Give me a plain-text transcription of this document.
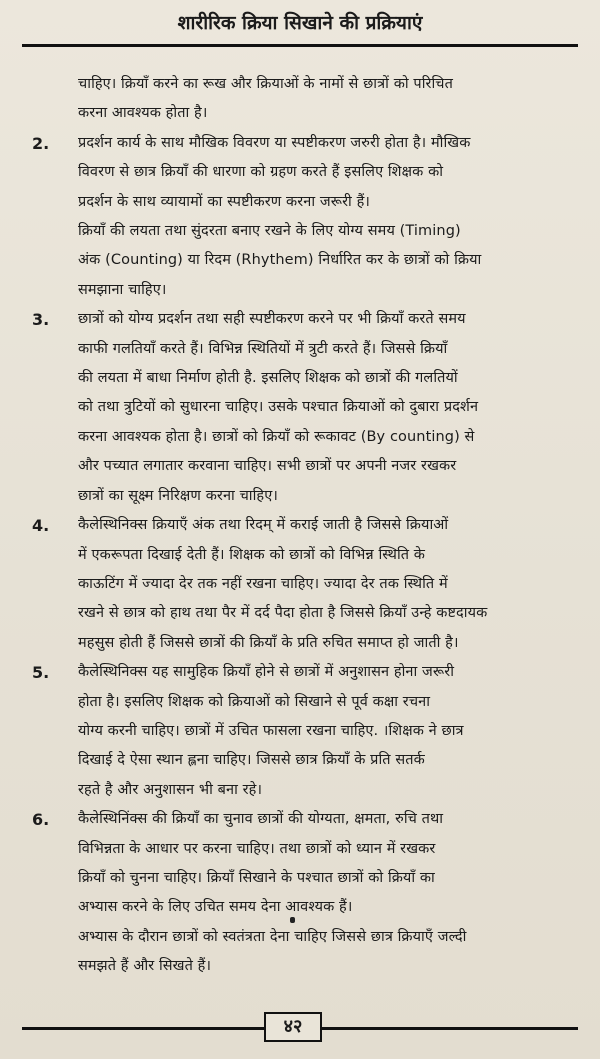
शारीरिक क्रिया सिखाने की प्रक्रियाएं
चाहिए। क्रियाँ करने का रूख और क्रियाओं के नामों से छात्रों को परिचित
करना आवश्यक होता है।
2. प्रदर्शन कार्य के साथ मौखिक विवरण या स्पष्टीकरण जरुरी होता है। मौखिक
विवरण से छात्र क्रियाँ की धारणा को ग्रहण करते हैं इसलिए शिक्षक को
प्रदर्शन के साथ व्यायामों का स्पष्टीकरण करना जरूरी हैं।
क्रियाँ की लयता तथा सुंदरता बनाए रखने के लिए योग्य समय (Timing)
अंक (Counting) या रिदम (Rhythem) निर्धारित कर के छात्रों को क्रिया
समझाना चाहिए।
3. छात्रों को योग्य प्रदर्शन तथा सही स्पष्टीकरण करने पर भी क्रियाँ करते समय
काफी गलतियाँ करते हैं। विभिन्न स्थितियों में त्रुटी करते हैं। जिससे क्रियाँ
की लयता में बाधा निर्माण होती है. इसलिए शिक्षक को छात्रों की गलतियों
को तथा त्रुटियों को सुधारना चाहिए। उसके पश्चात क्रियाओं को दुबारा प्रदर्शन
करना आवश्यक होता है। छात्रों को क्रियाँ को रूकावट (By counting) से
और पच्यात लगातार करवाना चाहिए। सभी छात्रों पर अपनी नजर रखकर
छात्रों का सूक्ष्म निरिक्षण करना चाहिए।
4. कैलेस्थिनिक्स क्रियाएँ अंक तथा रिदम् में कराई जाती है जिससे क्रियाओं
में एकरूपता दिखाई देती हैं। शिक्षक को छात्रों को विभिन्न स्थिति के
काऊटिंग में ज्यादा देर तक नहीं रखना चाहिए। ज्यादा देर तक स्थिति में
रखने से छात्र को हाथ तथा पैर में दर्द पैदा होता है जिससे क्रियाँ उन्हे कष्टदायक
महसुस होती हैं जिससे छात्रों की क्रियाँ के प्रति रुचित समाप्त हो जाती है।
5. कैलेस्थिनिक्स यह सामुहिक क्रियाँ होने से छात्रों में अनुशासन होना जरूरी
होता है। इसलिए शिक्षक को क्रियाओं को सिखाने से पूर्व कक्षा रचना
योग्य करनी चाहिए। छात्रों में उचित फासला रखना चाहिए. ।शिक्षक ने छात्र
दिखाई दे ऐसा स्थान ह्लना चाहिए। जिससे छात्र क्रियाँ के प्रति सतर्क
रहते है और अनुशासन भी बना रहे।
6. कैलेस्थिनिंक्स की क्रियाँ का चुनाव छात्रों की योग्यता, क्षमता, रुचि तथा
विभिन्नता के आधार पर करना चाहिए। तथा छात्रों को ध्यान में रखकर
क्रियाँ को चुनना चाहिए। क्रियाँ सिखाने के पश्चात छात्रों को क्रियाँ का
अभ्यास करने के लिए उचित समय देना आवश्यक हैं।
अभ्यास के दौरान छात्रों को स्वतंत्रता देना चाहिए जिससे छात्र क्रियाएँ जल्दी
समझते हैं और सिखते हैं।
४२
